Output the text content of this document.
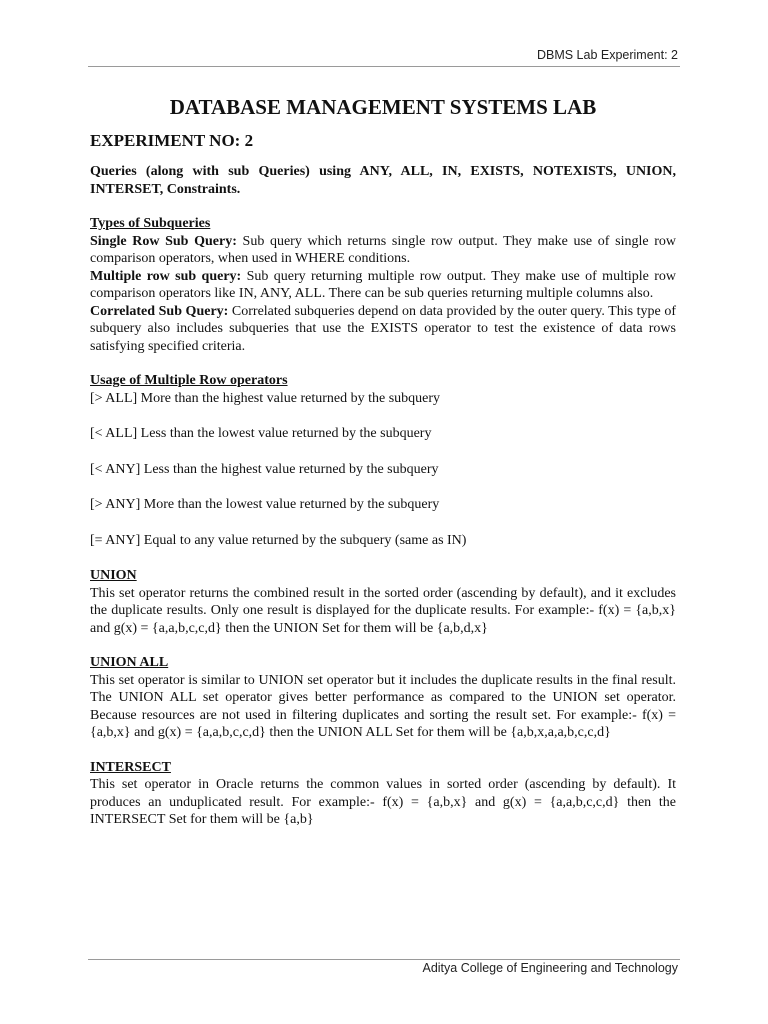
DBMS Lab Experiment: 2
DATABASE MANAGEMENT SYSTEMS LAB
EXPERIMENT NO: 2
Queries (along with sub Queries) using ANY, ALL, IN, EXISTS, NOTEXISTS, UNION, INTERSET, Constraints.
Types of Subqueries
Single Row Sub Query: Sub query which returns single row output. They make use of single row comparison operators, when used in WHERE conditions.
Multiple row sub query: Sub query returning multiple row output. They make use of multiple row comparison operators like IN, ANY, ALL. There can be sub queries returning multiple columns also.
Correlated Sub Query: Correlated subqueries depend on data provided by the outer query. This type of subquery also includes subqueries that use the EXISTS operator to test the existence of data rows satisfying specified criteria.
Usage of Multiple Row operators
[> ALL] More than the highest value returned by the subquery
[< ALL] Less than the lowest value returned by the subquery
[< ANY] Less than the highest value returned by the subquery
[> ANY] More than the lowest value returned by the subquery
[= ANY] Equal to any value returned by the subquery (same as IN)
UNION
This set operator returns the combined result in the sorted order (ascending by default), and it excludes the duplicate results. Only one result is displayed for the duplicate results. For example:- f(x) = {a,b,x} and g(x) = {a,a,b,c,c,d} then the UNION Set for them will be {a,b,d,x}
UNION ALL
This set operator is similar to UNION set operator but it includes the duplicate results in the final result. The UNION ALL set operator gives better performance as compared to the UNION set operator. Because resources are not used in filtering duplicates and sorting the result set. For example:- f(x) = {a,b,x} and g(x) = {a,a,b,c,c,d} then the UNION ALL Set for them will be {a,b,x,a,a,b,c,c,d}
INTERSECT
This set operator in Oracle returns the common values in sorted order (ascending by default). It produces an unduplicated result. For example:- f(x) = {a,b,x} and g(x) = {a,a,b,c,c,d} then the INTERSECT Set for them will be {a,b}
Aditya College of Engineering and Technology
